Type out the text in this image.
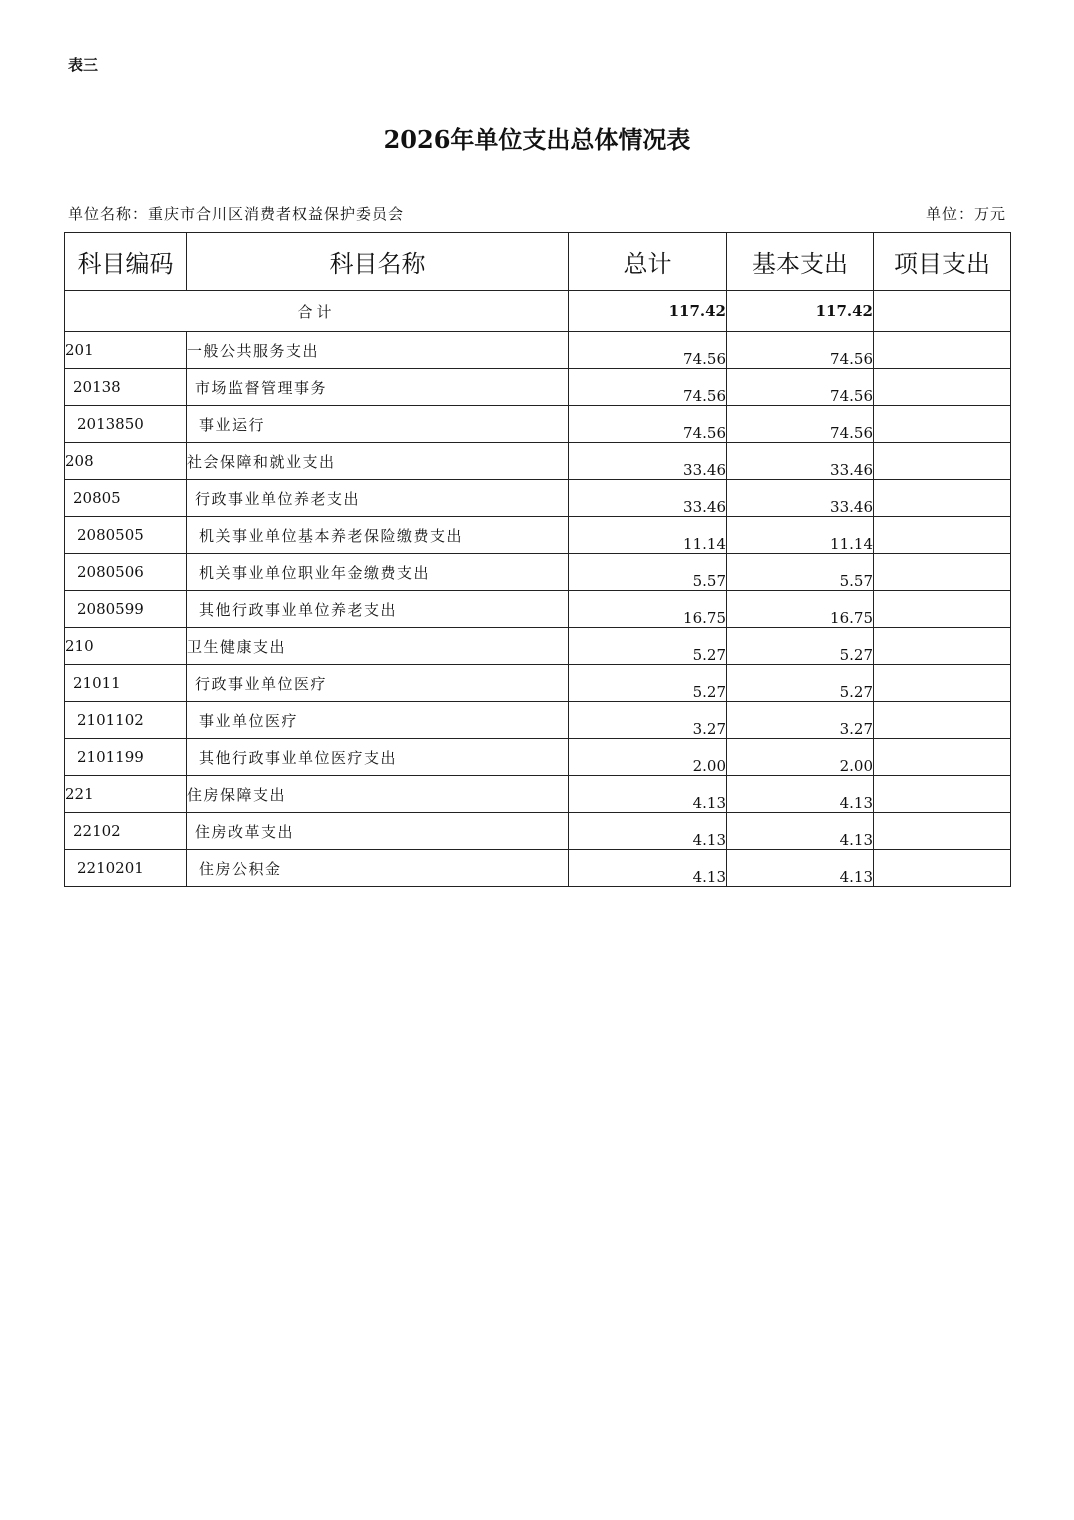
表三
2026年单位支出总体情况表
单位名称：重庆市合川区消费者权益保护委员会	单位：万元
科目编码	科目名称	总计	基本支出	项目支出
合计		117.42	117.42	
201	一般公共服务支出	74.56	74.56	
20138	市场监督管理事务	74.56	74.56	
2013850	事业运行	74.56	74.56	
208	社会保障和就业支出	33.46	33.46	
20805	行政事业单位养老支出	33.46	33.46	
2080505	机关事业单位基本养老保险缴费支出	11.14	11.14	
2080506	机关事业单位职业年金缴费支出	5.57	5.57	
2080599	其他行政事业单位养老支出	16.75	16.75	
210	卫生健康支出	5.27	5.27	
21011	行政事业单位医疗	5.27	5.27	
2101102	事业单位医疗	3.27	3.27	
2101199	其他行政事业单位医疗支出	2.00	2.00	
221	住房保障支出	4.13	4.13	
22102	住房改革支出	4.13	4.13	
2210201	住房公积金	4.13	4.13	
